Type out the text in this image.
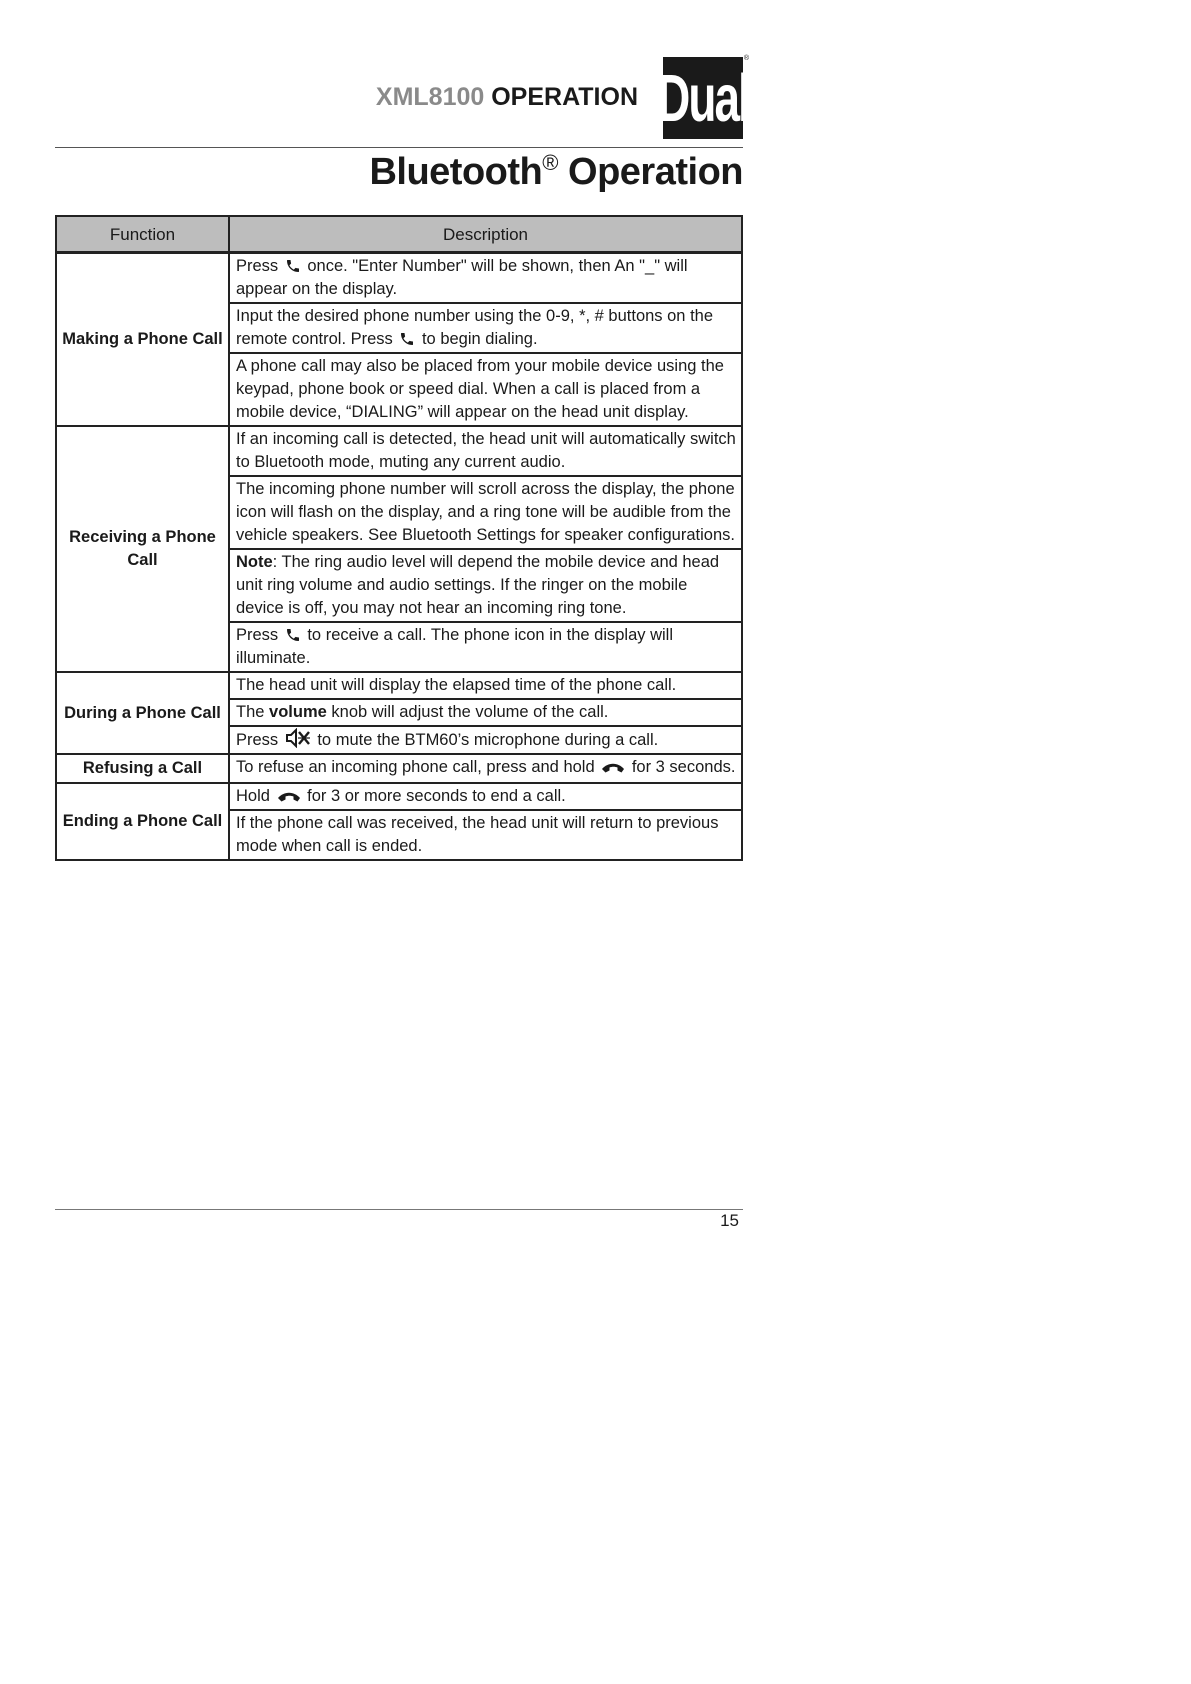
XML8100 OPERATION Dual
®
Bluetooth® Operation
Function	Description
Making a Phone Call	Press  once. "Enter Number" will be shown, then An "_" will appear on the display.
	Input the desired phone number using the 0-9, *, # buttons on the remote control. Press  to begin dialing.
	A phone call may also be placed from your mobile device using the keypad, phone book or speed dial. When a call is placed from a mobile device, “DIALING” will appear on the head unit display.
Receiving a Phone Call	If an incoming call is detected, the head unit will automatically switch to Bluetooth mode, muting any current audio.
	The incoming phone number will scroll across the display, the phone icon will flash on the display, and a ring tone will be audible from the vehicle speakers. See Bluetooth Settings for speaker configurations.
	Note: The ring audio level will depend the mobile device and head unit ring volume and audio settings. If the ringer on the mobile device is off, you may not hear an incoming ring tone.
	Press  to receive a call. The phone icon in the display will illuminate.
During a Phone Call	The head unit will display the elapsed time of the phone call.
	The volume knob will adjust the volume of the call.
	Press  to mute the BTM60’s microphone during a call.
Refusing a Call	To refuse an incoming phone call, press and hold  for 3 seconds.
Ending a Phone Call	Hold  for 3 or more seconds to end a call.
	If the phone call was received, the head unit will return to previous mode when call is ended.
15
